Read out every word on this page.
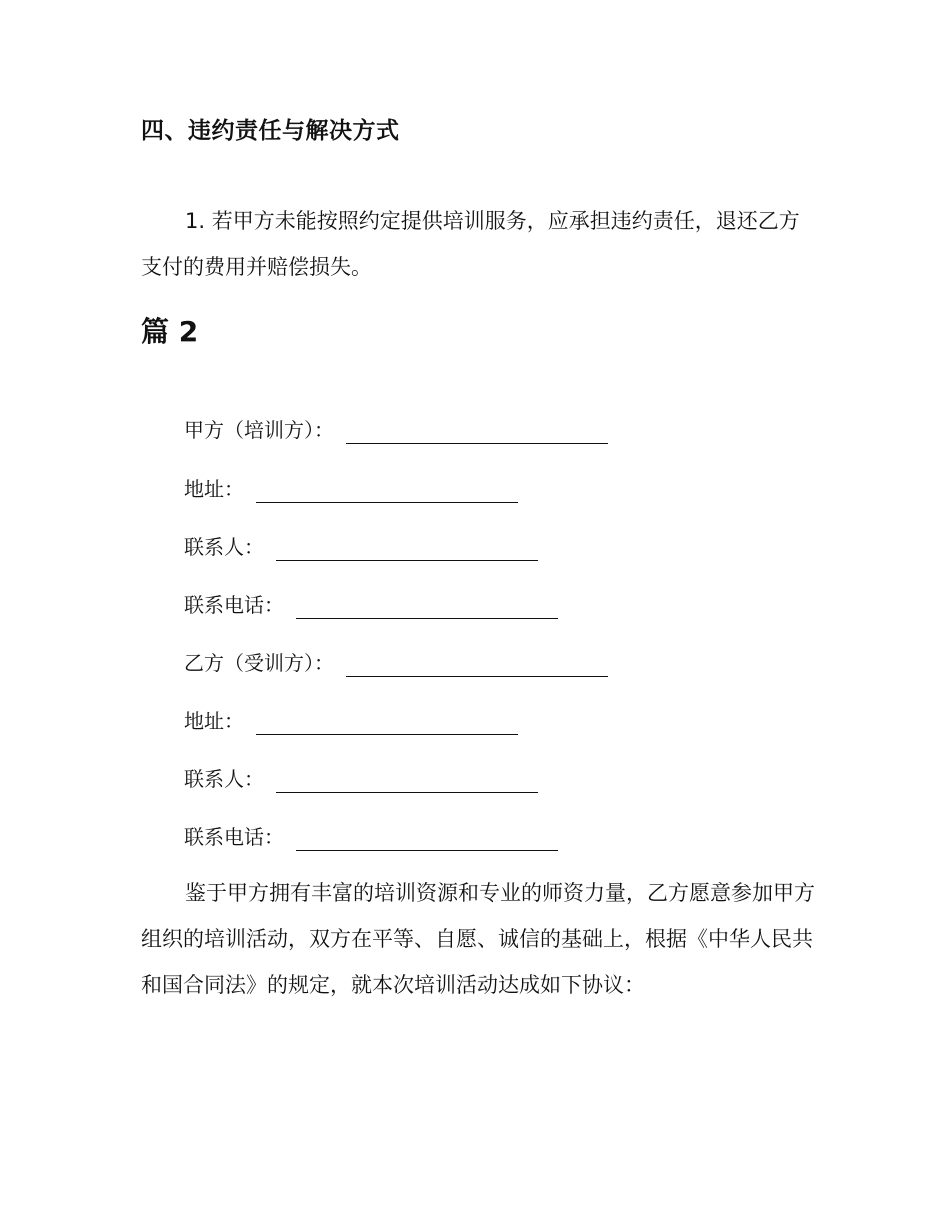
四、违约责任与解决方式
1. 若甲方未能按照约定提供培训服务，应承担违约责任，退还乙方支付的费用并赔偿损失。
篇 2
甲方（培训方）：
地址：
联系人：
联系电话：
乙方（受训方）：
地址：
联系人：
联系电话：
鉴于甲方拥有丰富的培训资源和专业的师资力量，乙方愿意参加甲方组织的培训活动，双方在平等、自愿、诚信的基础上，根据《中华人民共和国合同法》的规定，就本次培训活动达成如下协议：
